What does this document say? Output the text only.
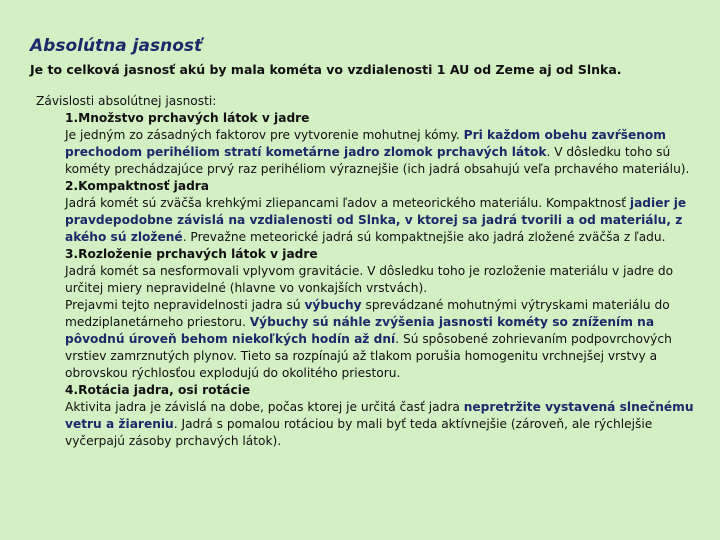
Absolútna jasnosť

Je to celková jasnosť akú by mala kométa vo vzdialenosti 1 AU od Zeme aj od Slnka.

Závislosti absolútnej jasnosti:

1.Množstvo prchavých látok v jadre

Je jedným zo zásadných faktorov pre vytvorenie mohutnej kómy. Pri každom obehu zavŕšenom prechodom perihéliom stratí kometárne jadro zlomok prchavých látok. V dôsledku toho sú kométy prechádzajúce prvý raz perihéliom výraznejšie (ich jadrá obsahujú veľa prchavého materiálu).

2.Kompaktnosť jadra

Jadrá komét sú zväčša krehkými zliepancami ľadov a meteorického materiálu. Kompaktnosť jadier je pravdepodobne závislá na vzdialenosti od Slnka, v ktorej sa jadrá tvorili a od materiálu, z akého sú zložené. Prevažne meteorické jadrá sú kompaktnejšie ako jadrá zložené zväčša z ľadu.

3.Rozloženie prchavých látok v jadre

Jadrá komét sa nesformovali vplyvom gravitácie. V dôsledku toho je rozloženie materiálu v jadre do určitej miery nepravidelné (hlavne vo vonkajších vrstvách).

Prejavmi tejto nepravidelnosti jadra sú výbuchy sprevádzané mohutnými výtryskami materiálu do medziplanetárneho priestoru. Výbuchy sú náhle zvýšenia jasnosti kométy so znížením na pôvodnú úroveň behom niekoľkých hodín až dní. Sú spôsobené zohrievaním podpovrchových vrstiev zamrznutých plynov. Tieto sa rozpínajú až tlakom porušia homogenitu vrchnejšej vrstvy a obrovskou rýchlosťou explodujú do okolitého priestoru.

4.Rotácia jadra, osi rotácie

Aktivita jadra je závislá na dobe, počas ktorej je určitá časť jadra nepretržite vystavená slnečnému vetru a žiareniu. Jadrá s pomalou rotáciou by mali byť teda aktívnejšie (zároveň, ale rýchlejšie vyčerpajú zásoby prchavých látok).
